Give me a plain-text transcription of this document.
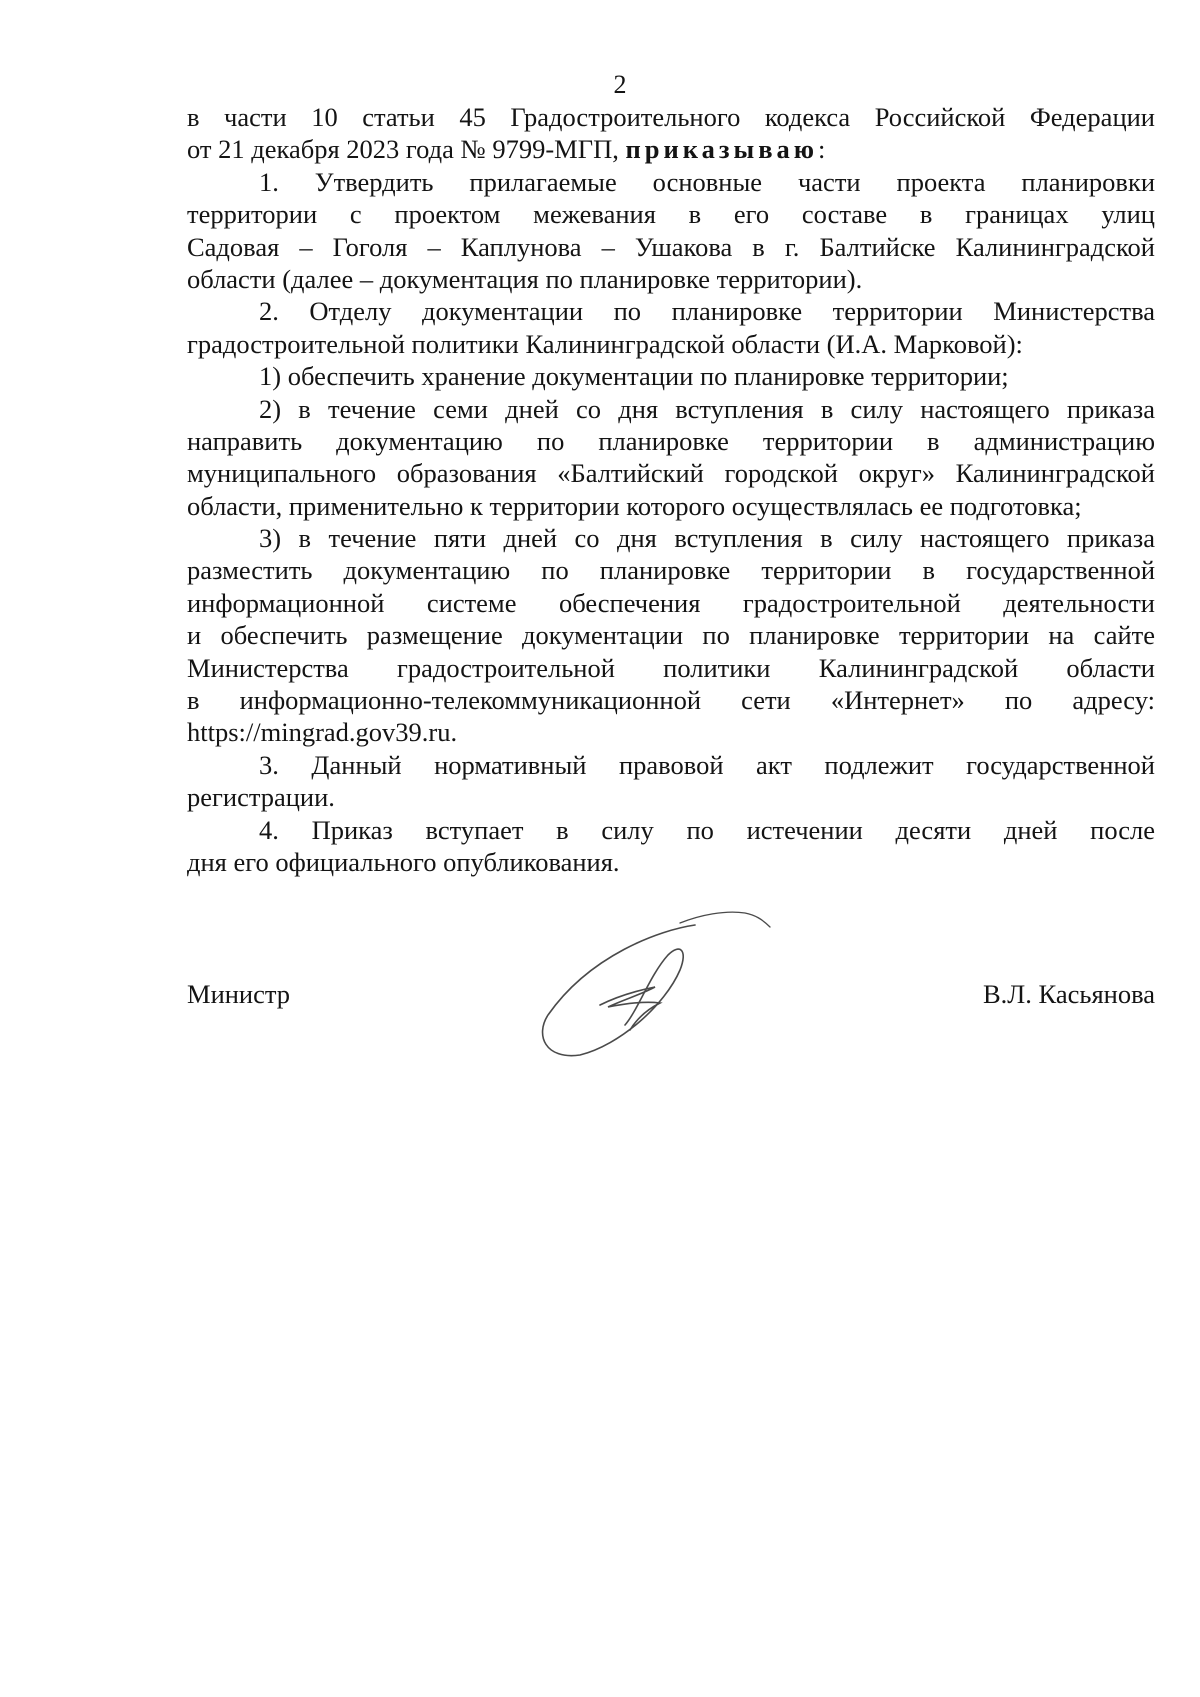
2
в части 10 статьи 45 Градостроительного кодекса Российской Федерации
от 21 декабря 2023 года № 9799-МГП, приказываю:
1. Утвердить прилагаемые основные части проекта планировки
территории с проектом межевания в его составе в границах улиц
Садовая – Гоголя – Каплунова – Ушакова в г. Балтийске Калининградской
области (далее – документация по планировке территории).
2. Отделу документации по планировке территории Министерства
градостроительной политики Калининградской области (И.А. Марковой):
1) обеспечить хранение документации по планировке территории;
2) в течение семи дней со дня вступления в силу настоящего приказа
направить документацию по планировке территории в администрацию
муниципального образования «Балтийский городской округ» Калининградской
области, применительно к территории которого осуществлялась ее подготовка;
3) в течение пяти дней со дня вступления в силу настоящего приказа
разместить документацию по планировке территории в государственной
информационной системе обеспечения градостроительной деятельности
и обеспечить размещение документации по планировке территории на сайте
Министерства градостроительной политики Калининградской области
в информационно-телекоммуникационной сети «Интернет» по адресу:
https://mingrad.gov39.ru.
3. Данный нормативный правовой акт подлежит государственной
регистрации.
4. Приказ вступает в силу по истечении десяти дней после
дня его официального опубликования.
Министр	В.Л. Касьянова
